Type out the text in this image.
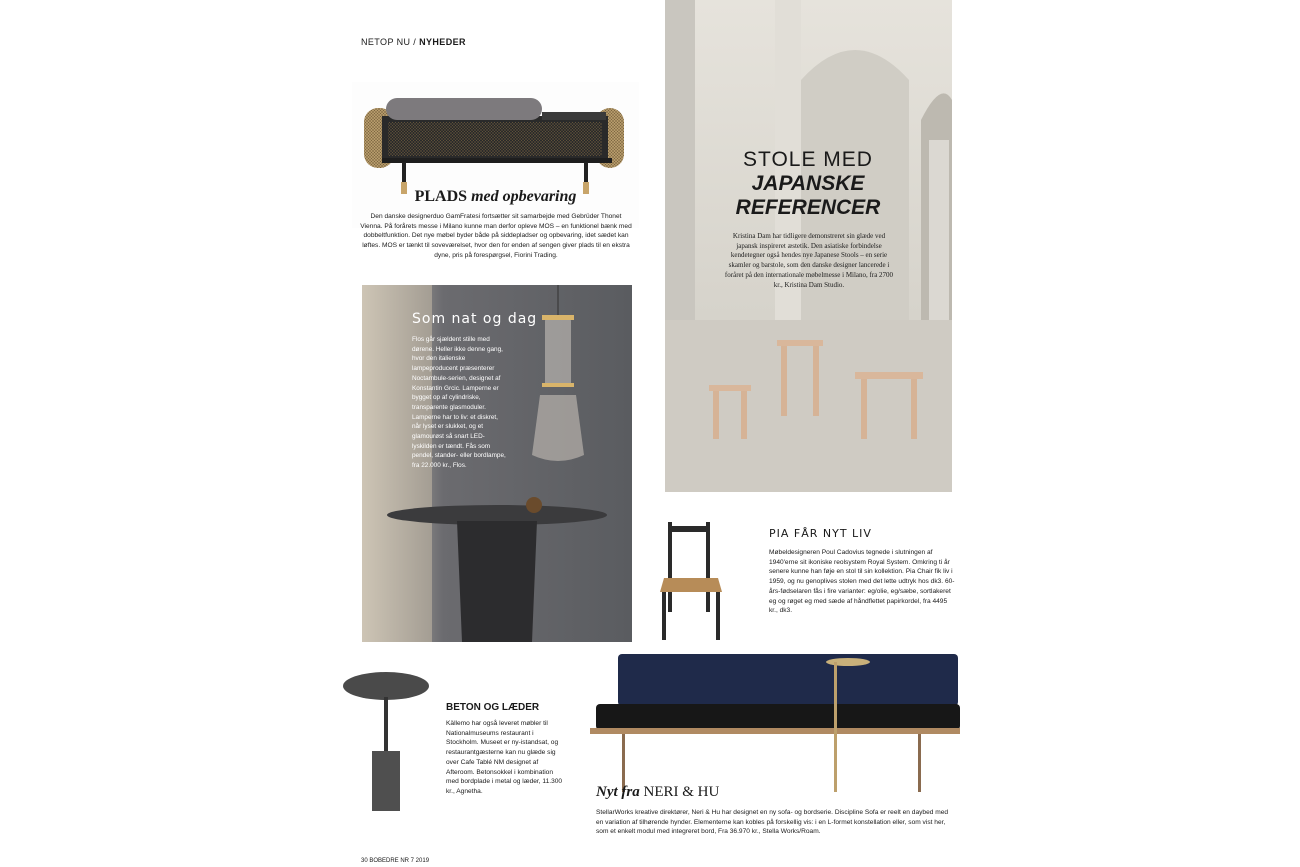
NETOP NU / NYHEDER
PLADS med opbevaring
Den danske designerduo GamFratesi fortsætter sit samarbejde med Gebrüder Thonet Vienna. På forårets messe i Milano kunne man derfor opleve MOS – en funktionel bænk med dobbeltfunktion. Det nye møbel byder både på siddepladser og opbevaring, idet sædet kan løftes. MOS er tænkt til soveværelset, hvor den for enden af sengen giver plads til en ekstra dyne, pris på forespørgsel, Fiorini Trading.
STOLE MED
JAPANSKE
REFERENCER
Kristina Dam har tidligere demonstreret sin glæde ved japansk inspireret æstetik. Den asiatiske forbindelse kendetegner også hendes nye Japanese Stools – en serie skamler og barstole, som den danske designer lancerede i foråret på den internationale møbelmesse i Milano, fra 2700 kr., Kristina Dam Studio.
Som nat og dag
Flos går sjældent stille med dørene. Heller ikke denne gang, hvor den italienske lampeproducent præsenterer Noctambule-serien, designet af Konstantin Grcic. Lamperne er bygget op af cylindriske, transparente glasmoduler. Lamperne har to liv: et diskret, når lyset er slukket, og et glamourøst så snart LED-lyskilden er tændt. Fås som pendel, stander- eller bordlampe, fra 22.000 kr., Flos.
PIA FÅR NYT LIV
Møbeldesigneren Poul Cadovius tegnede i slutningen af 1940'erne sit ikoniske reolsystem Royal System. Omkring ti år senere kunne han føje en stol til sin kollektion. Pia Chair fik liv i 1959, og nu genoplives stolen med det lette udtryk hos dk3. 60-års-fødselaren fås i fire varianter: eg/olie, eg/sæbe, sortlakeret eg og røget eg med sæde af håndflettet papirkordel, fra 4495 kr., dk3.
BETON OG LÆDER
Källemo har også leveret møbler til Nationalmuseums restaurant i Stockholm. Museet er ny-istandsat, og restaurantgæsterne kan nu glæde sig over Cafe Tablé NM designet af Afteroom. Betonsokkel i kombination med bordplade i metal og læder, 11.300 kr., Agnetha.	Nyt fra NERI & HU
StellarWorks kreative direktører, Neri & Hu har designet en ny sofa- og bordserie. Discipline Sofa er reelt en daybed med en variation af tilhørende hynder. Elementerne kan kobles på forskellig vis: i en L-formet konstellation eller, som vist her, som et enkelt modul med integreret bord, Fra 36.970 kr., Stella Works/Roam.
30 BOBEDRE NR 7 2019
